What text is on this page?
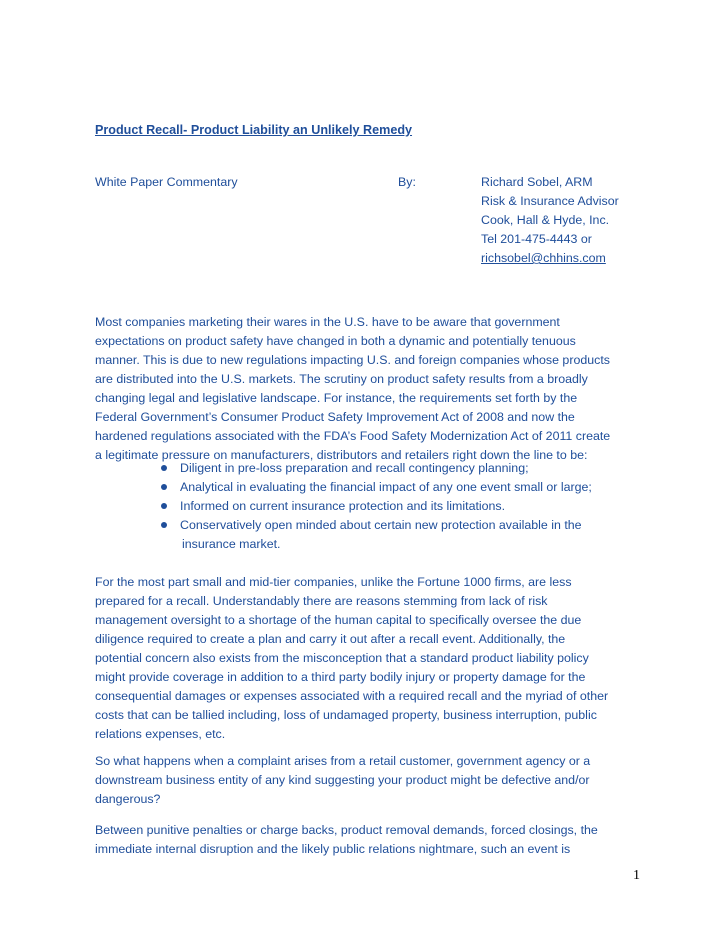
Product Recall- Product Liability an Unlikely Remedy
White Paper Commentary	By:	Richard Sobel, ARM
Risk & Insurance Advisor
Cook, Hall & Hyde, Inc.
Tel 201-475-4443 or
richsobel@chhins.com
Most companies marketing their wares in the U.S. have to be aware that government
expectations on product safety have changed in both a dynamic and potentially tenuous
manner. This is due to new regulations impacting U.S. and foreign companies whose products
are distributed into the U.S. markets. The scrutiny on product safety results from a broadly
changing legal and legislative landscape. For instance, the requirements set forth by the
Federal Government’s Consumer Product Safety Improvement Act of 2008 and now the
hardened regulations associated with the FDA’s Food Safety Modernization Act of 2011 create
a legitimate pressure on manufacturers, distributors and retailers right down the line to be:
Diligent in pre-loss preparation and recall contingency planning;
Analytical in evaluating the financial impact of any one event small or large;
Informed on current insurance protection and its limitations.
Conservatively open minded about certain new protection available in the
insurance market.
For the most part small and mid-tier companies, unlike the Fortune 1000 firms, are less
prepared for a recall. Understandably there are reasons stemming from lack of risk
management oversight to a shortage of the human capital to specifically oversee the due
diligence required to create a plan and carry it out after a recall event. Additionally, the
potential concern also exists from the misconception that a standard product liability policy
might provide coverage in addition to a third party bodily injury or property damage for the
consequential damages or expenses associated with a required recall and the myriad of other
costs that can be tallied including, loss of undamaged property, business interruption, public
relations expenses, etc.
So what happens when a complaint arises from a retail customer, government agency or a
downstream business entity of any kind suggesting your product might be defective and/or
dangerous?
Between punitive penalties or charge backs, product removal demands, forced closings, the
immediate internal disruption and the likely public relations nightmare, such an event is
1
